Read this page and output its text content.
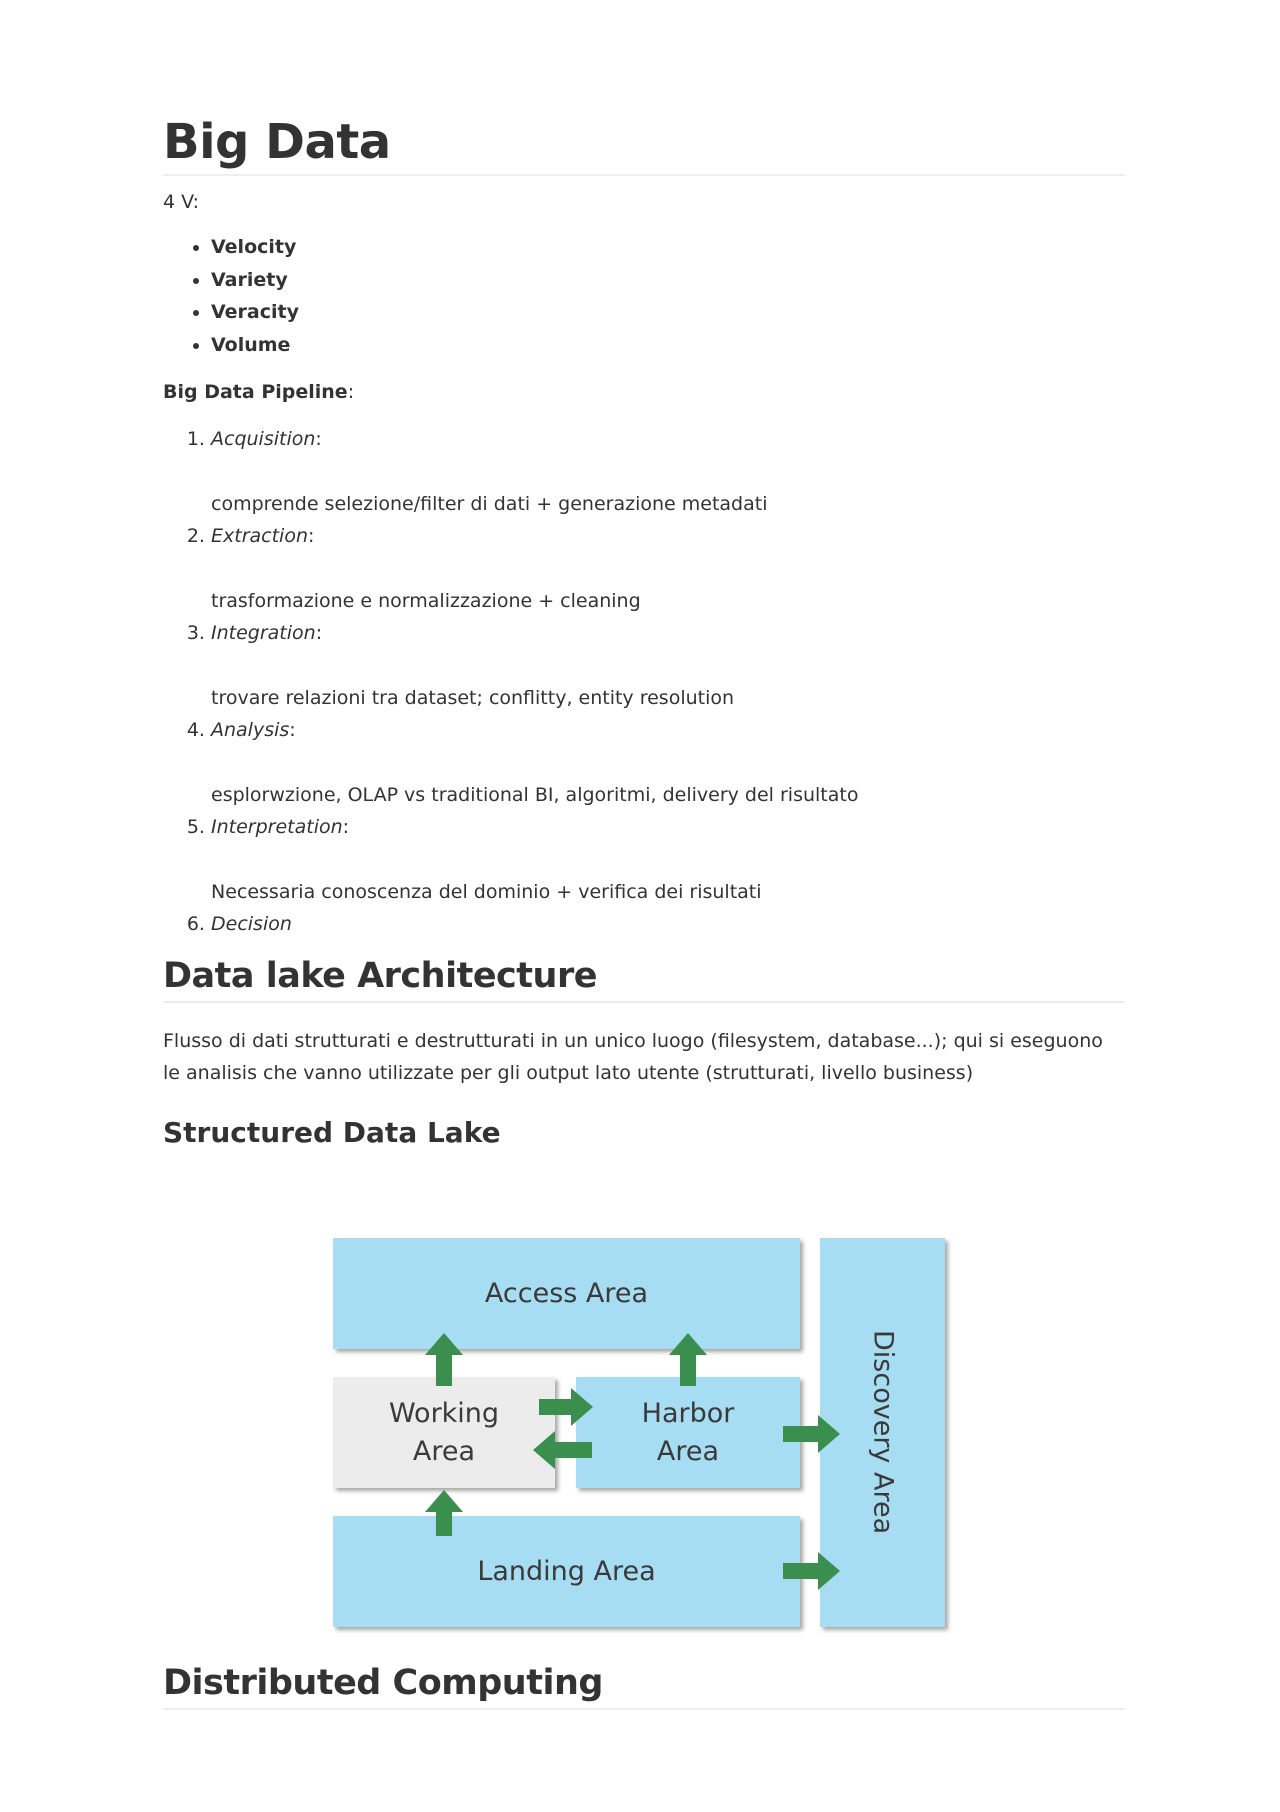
Big Data

4 V:

• Velocity
• Variety
• Veracity
• Volume

Big Data Pipeline:

1. Acquisition:
comprende selezione/filter di dati + generazione metadati
2. Extraction:
trasformazione e normalizzazione + cleaning
3. Integration:
trovare relazioni tra dataset; conflitty, entity resolution
4. Analysis:
esplorwzione, OLAP vs traditional BI, algoritmi, delivery del risultato
5. Interpretation:
Necessaria conoscenza del dominio + verifica dei risultati
6. Decision
Data lake Architecture

Flusso di dati strutturati e destrutturati in un unico luogo (filesystem, database...); qui si eseguono le analisis che vanno utilizzate per gli output lato utente (strutturati, livello business)

Structured Data Lake
Access Area
Working
Area
Harbor
Area
Landing Area
Discovery Area
Distributed Computing
